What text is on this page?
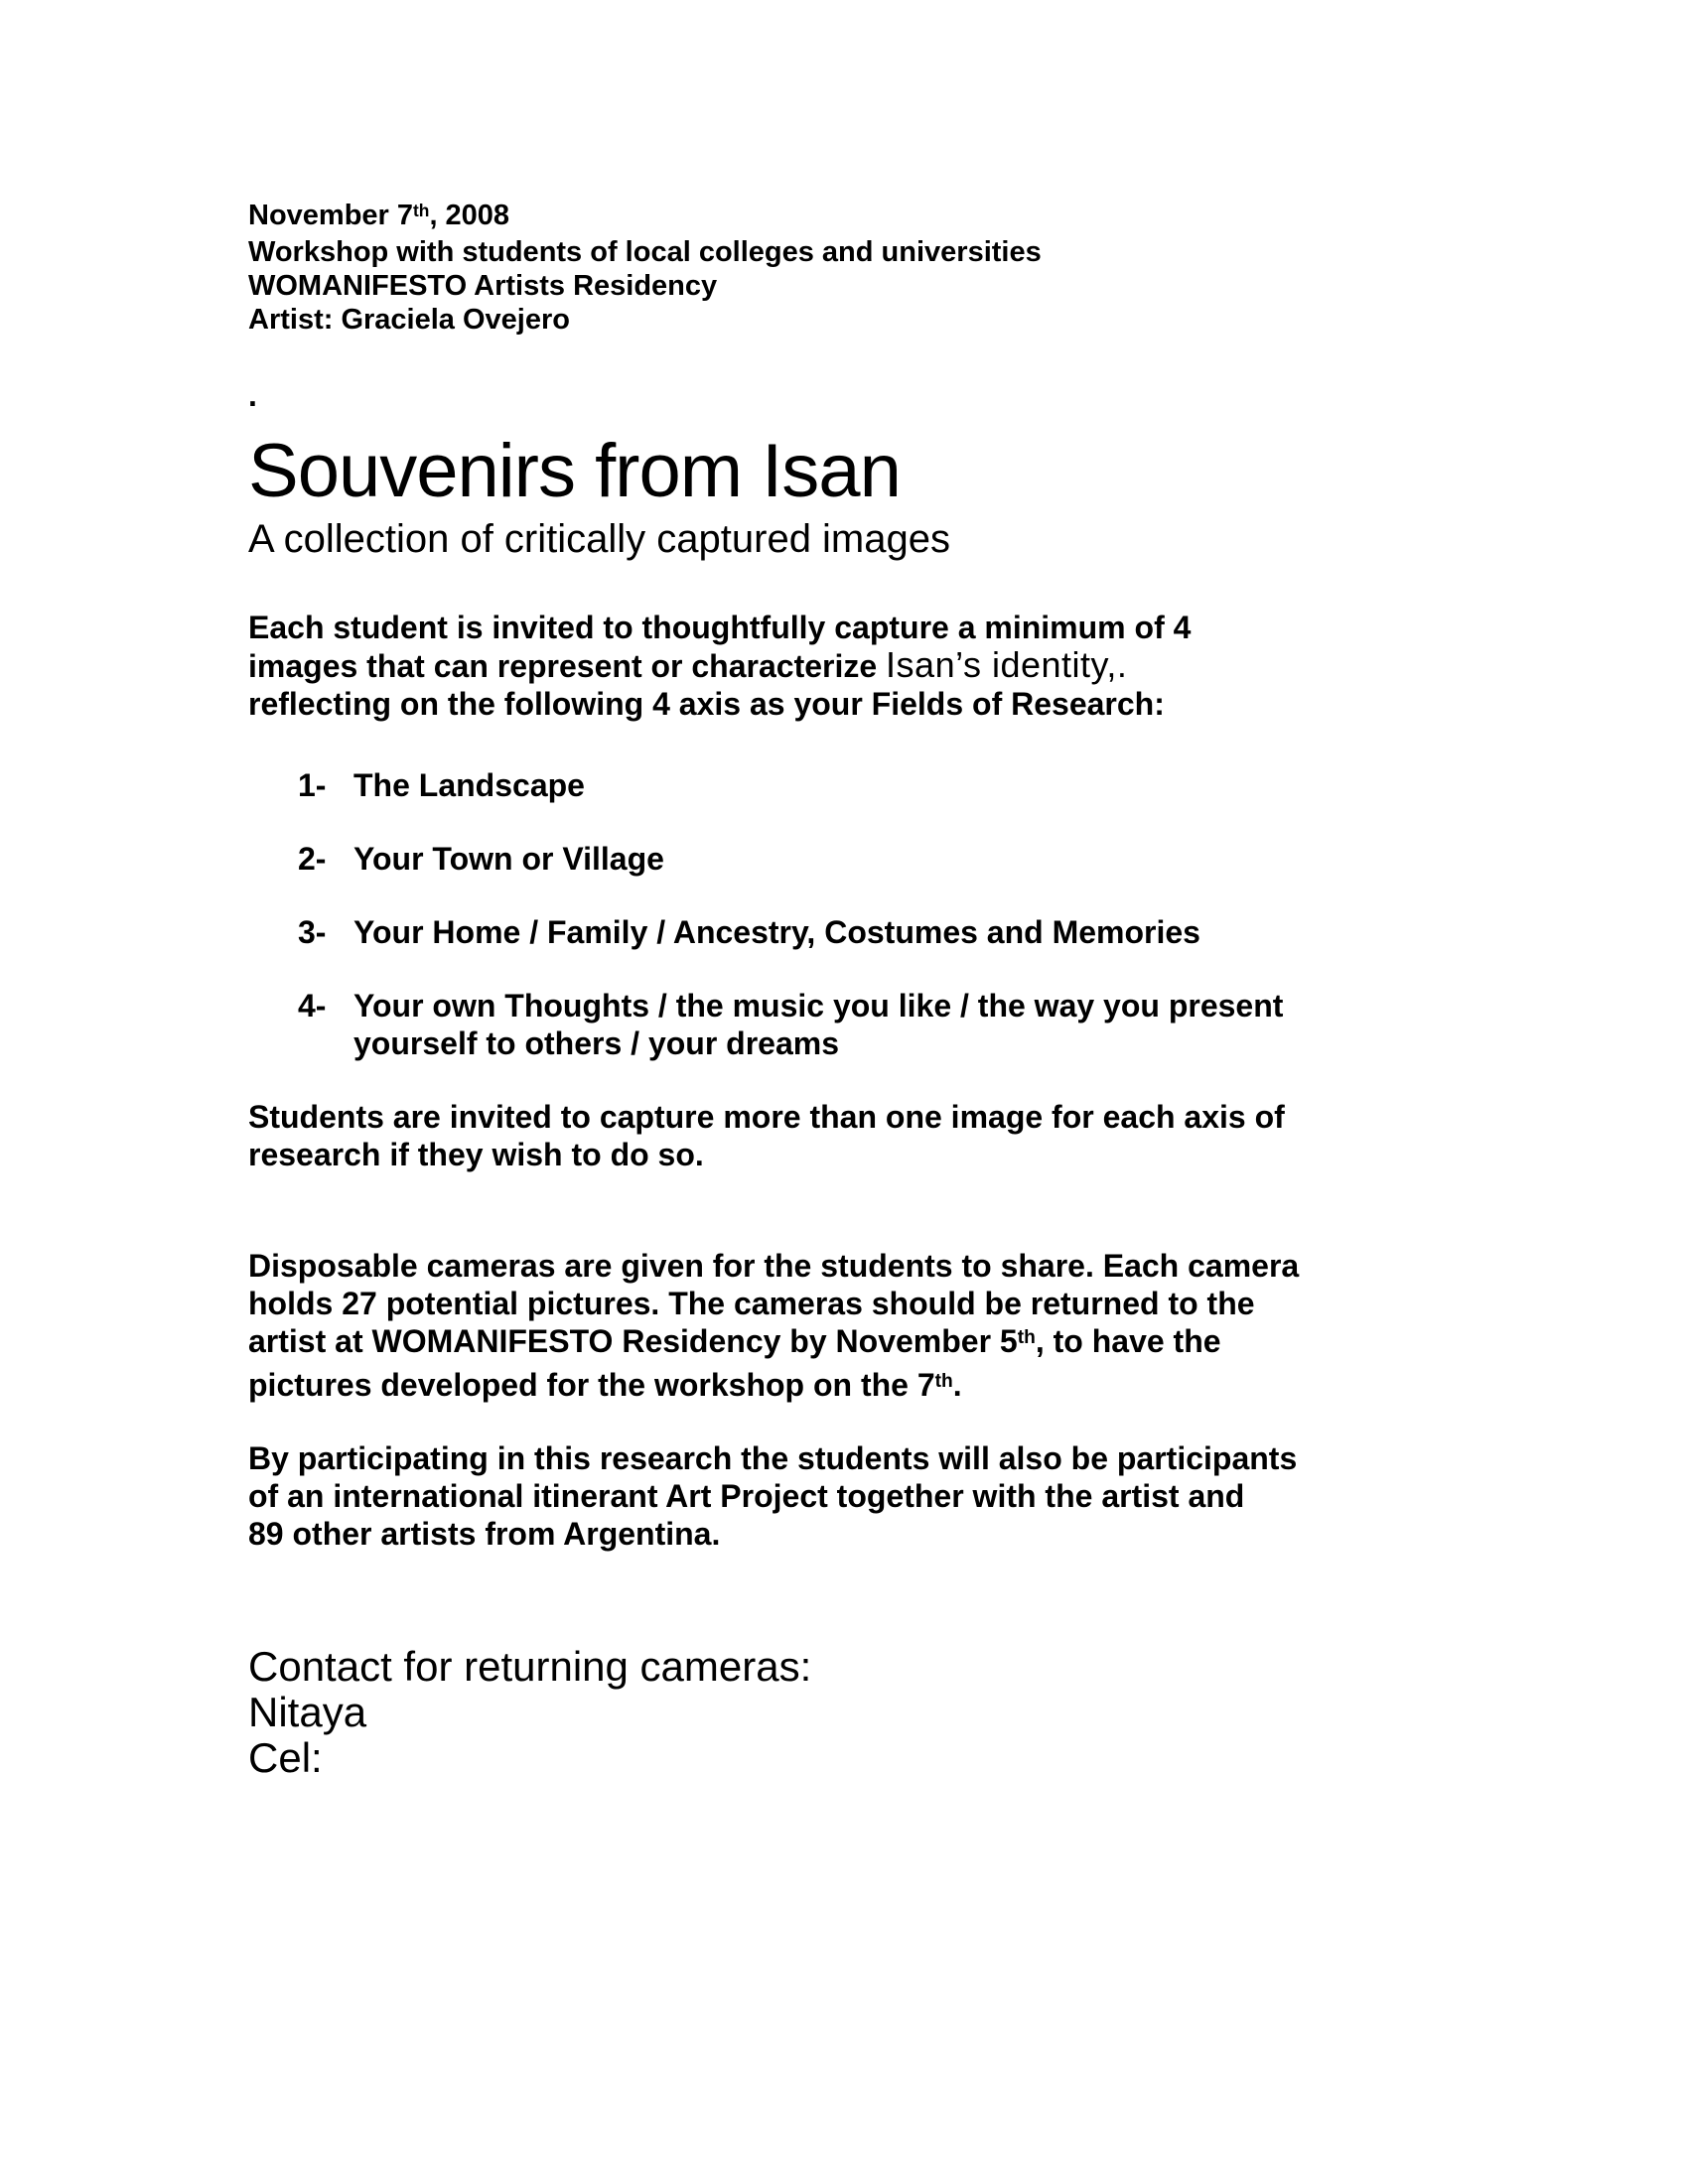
November 7th, 2008
Workshop with students of local colleges and universities
WOMANIFESTO Artists Residency
Artist: Graciela Ovejero
.
Souvenirs from Isan
A collection of critically captured images
Each student is invited to thoughtfully capture a minimum of 4
images that can represent or characterize Isan’s identity,.
reflecting on the following 4 axis as your Fields of Research:
1- The Landscape
2- Your Town or Village
3- Your Home / Family / Ancestry, Costumes and Memories
4- Your own Thoughts / the music you like / the way you present
yourself to others / your dreams
Students are invited to capture more than one image for each axis of
research if they wish to do so.
Disposable cameras are given for the students to share. Each camera
holds 27 potential pictures. The cameras should be returned to the
artist at WOMANIFESTO Residency by November 5th, to have the
pictures developed for the workshop on the 7th.
By participating in this research the students will also be participants
of an international itinerant Art Project together with the artist and
89 other artists from Argentina.
Contact for returning cameras:
Nitaya
Cel:
